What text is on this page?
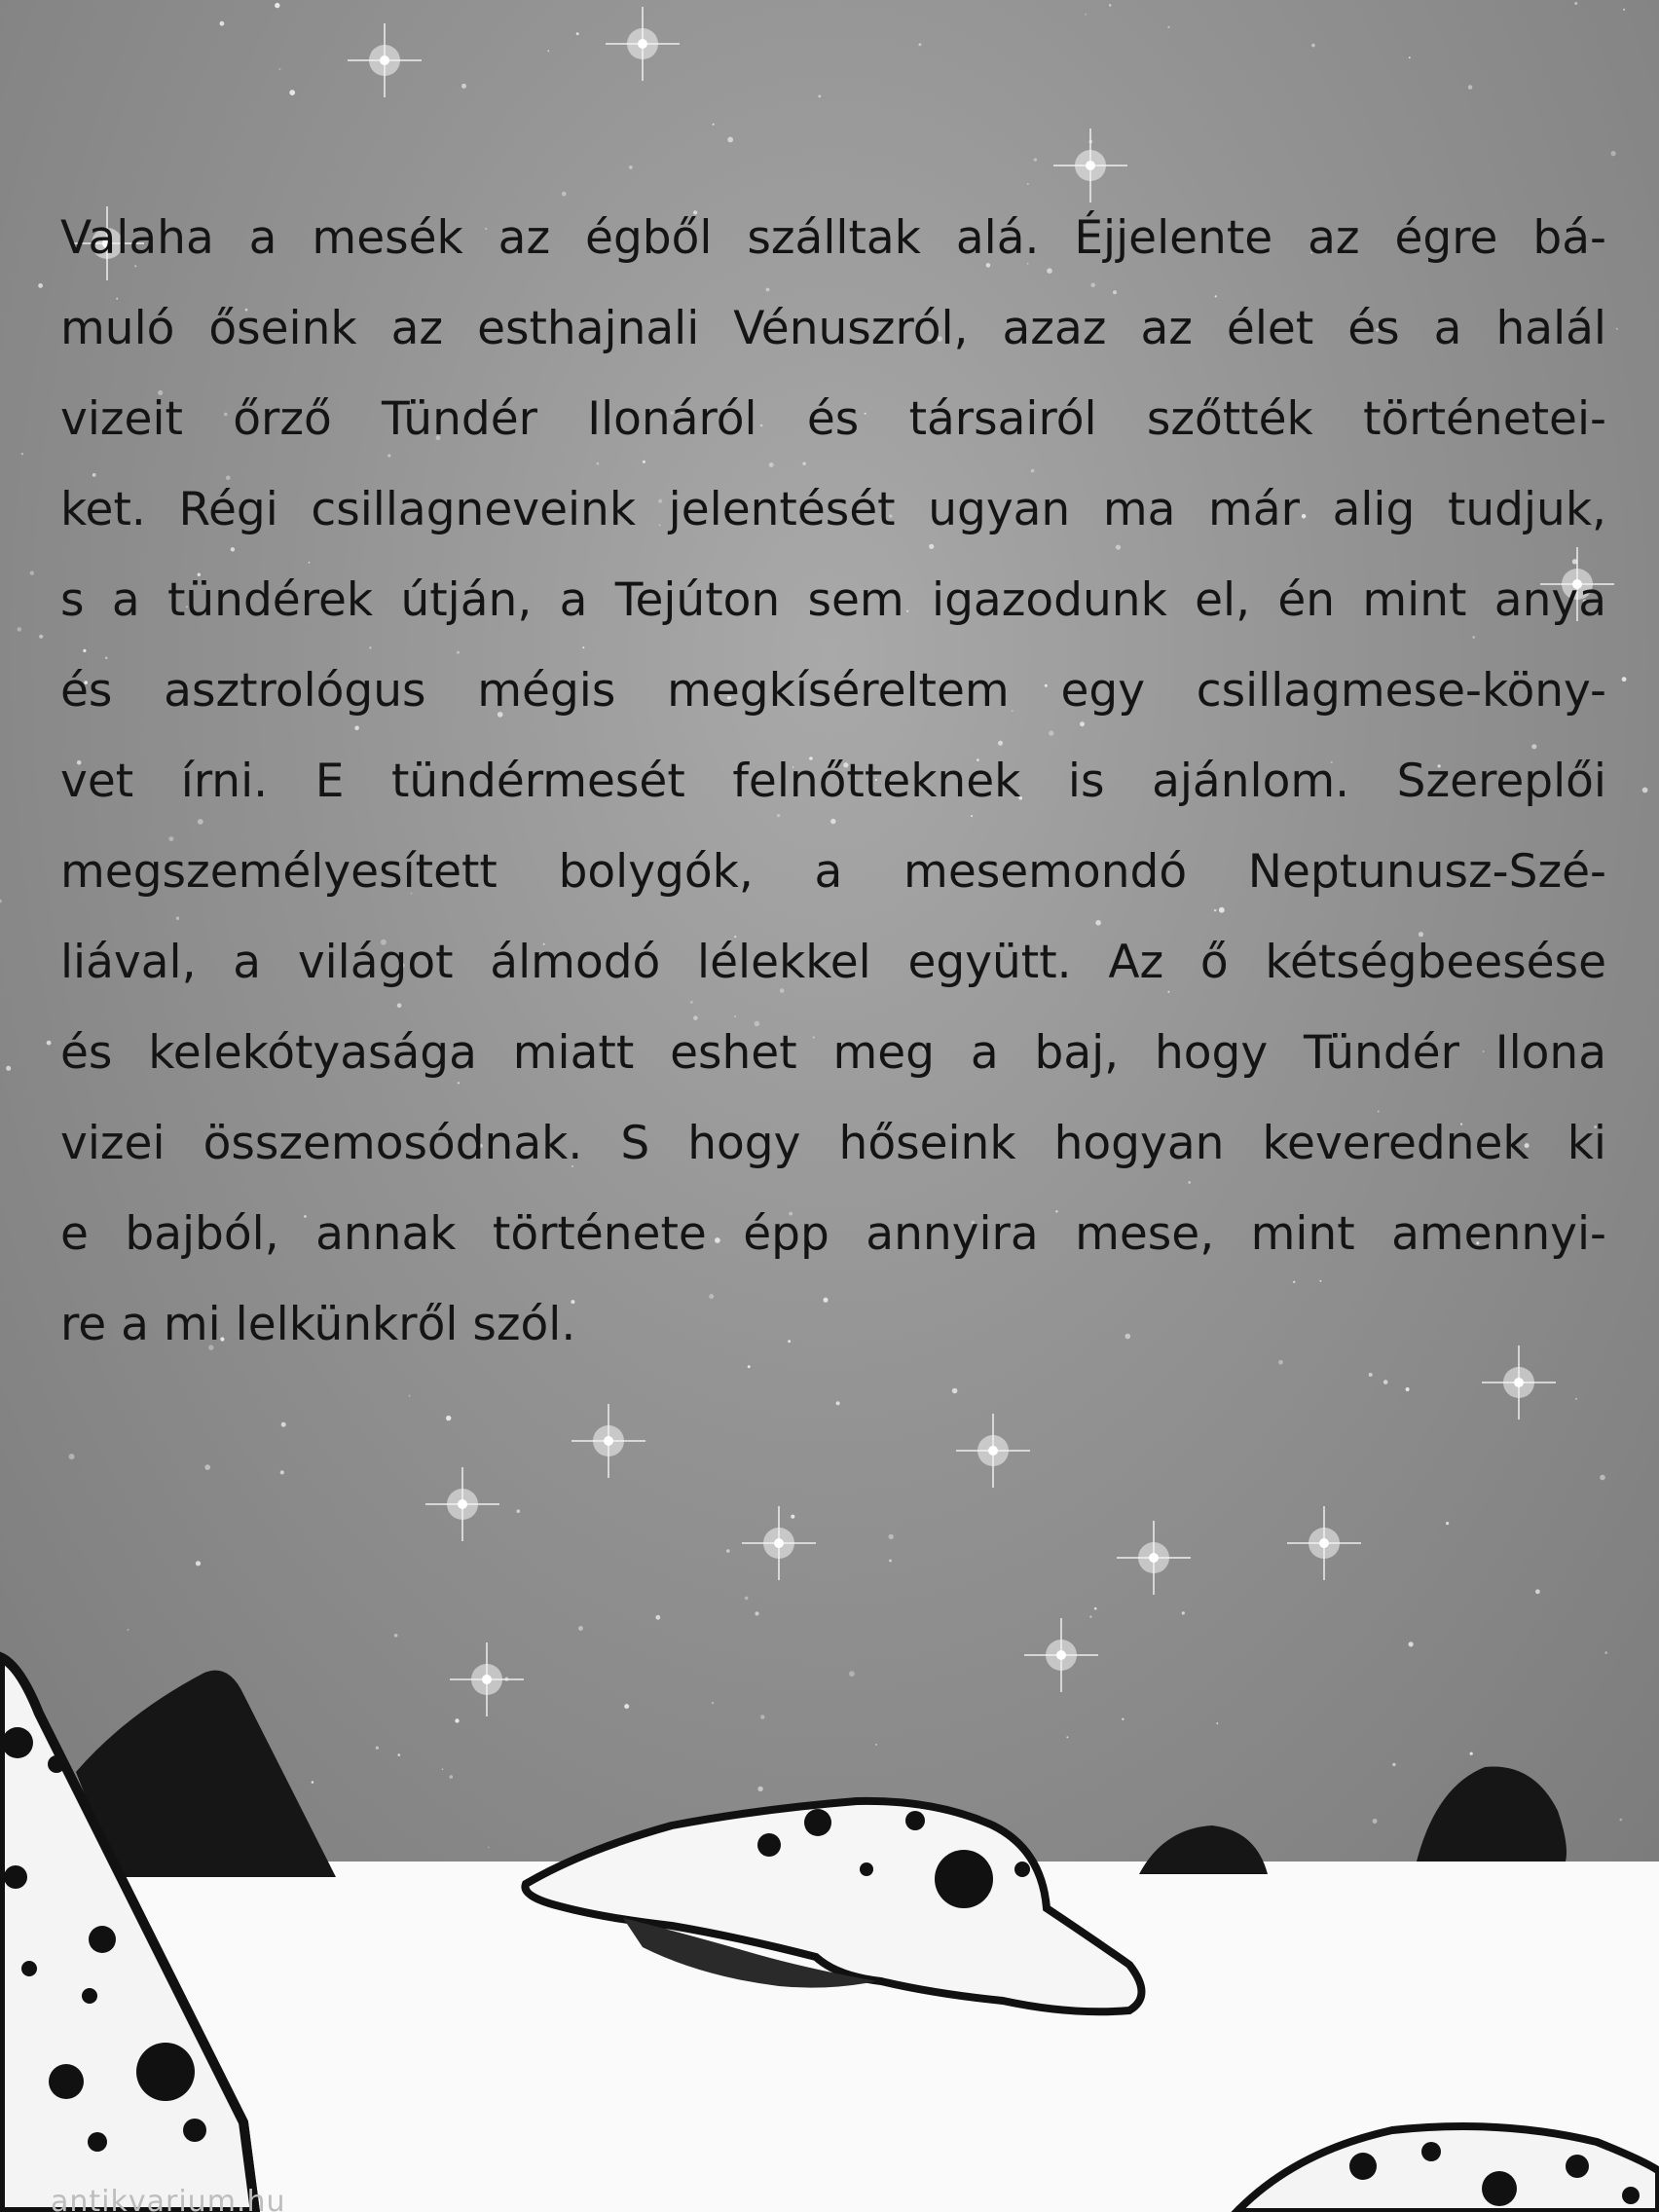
Valaha a mesék az égből szálltak alá. Éjjelente az égre bá-
muló őseink az esthajnali Vénuszról, azaz az élet és a halál
vizeit őrző Tündér Ilonáról és társairól szőtték történetei-
ket. Régi csillagneveink jelentését ugyan ma már alig tudjuk,
s a tündérek útján, a Tejúton sem igazodunk el, én mint anya
és asztrológus mégis megkíséreltem egy csillagmese-köny-
vet írni. E tündérmesét felnőtteknek is ajánlom. Szereplői
megszemélyesített bolygók, a mesemondó Neptunusz-Szé-
liával, a világot álmodó lélekkel együtt. Az ő kétségbeesése
és kelekótyasága miatt eshet meg a baj, hogy Tündér Ilona
vizei összemosódnak. S hogy hőseink hogyan keverednek ki
e bajból, annak története épp annyira mese, mint amennyi-
re a mi lelkünkről szól.
antikvarium.hu
